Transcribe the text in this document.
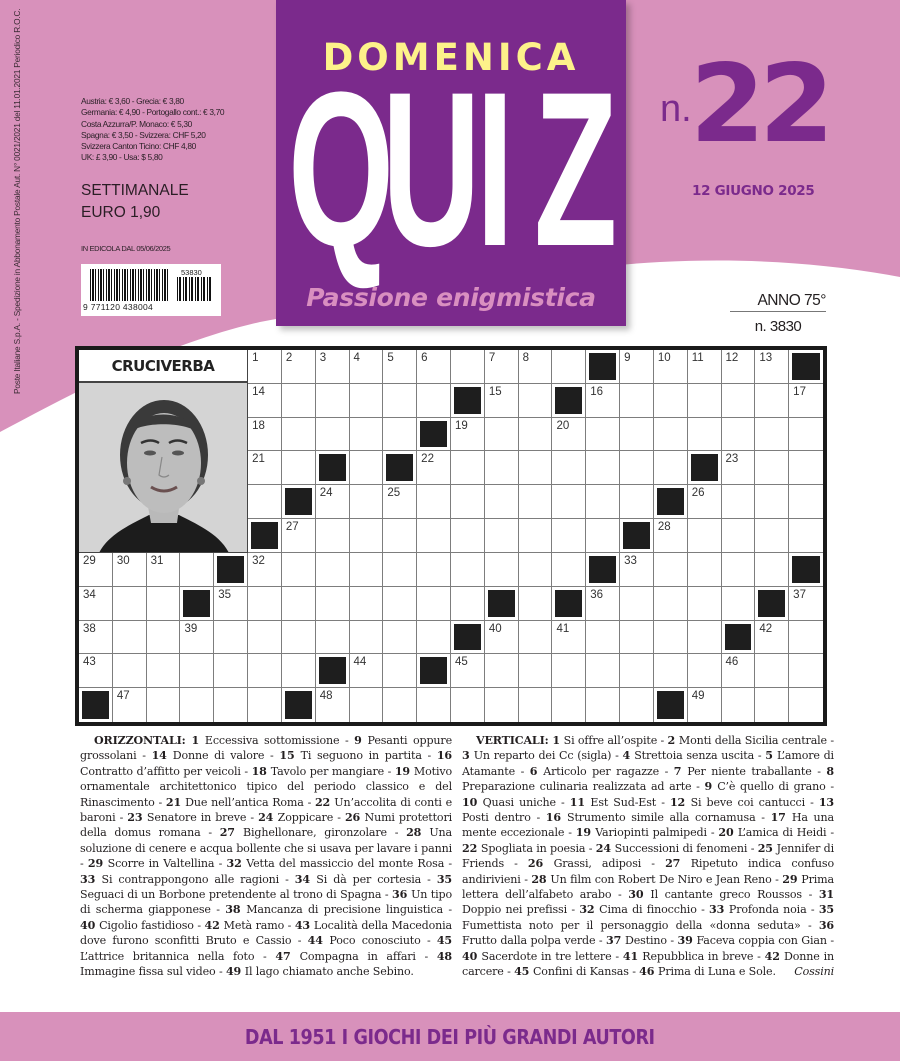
Poste Italiane S.p.A. - Spedizione in Abbonamento Postale Aut. N° 0021/2021 del 11.01.2021 Periodico R.O.C.	Austria: € 3,60 - Grecia: € 3,80
Germania: € 4,90 - Portogallo cont.: € 3,70
Costa Azzurra/P. Monaco: € 5,30
Spagna: € 3,50 - Svizzera: CHF 5,20
Svizzera Canton Ticino: CHF 4,80
UK: £ 3,90 - Usa: $ 5,80
SETTIMANALE
EURO 1,90
IN EDICOLA DAL 05/06/2025
9 771120 438004
53830
DOMENICA
Q
U
I Z
Passione enigmistica
n.
22
12 GIUGNO 2025
ANNO 75°
n. 3830
CRUCIVERBA	1 2 3 4 5 6	7 8	9 10 11 12 13
14	15	16	17
18	19	20
21	22	23
24	25	26
27	28
29 30 31	32	33
34	35	36	37
38	39	40	41	42
43	44	45	46
47	48	49
ORIZZONTALI: 1 Eccessiva sottomissione - 9 Pesanti oppure grossolani - 14 Donne di valore - 15 Ti seguono in partita - 16 Contratto d’affitto per veicoli - 18 Tavolo per mangiare - 19 Motivo ornamentale architettonico tipico del periodo classico e del Rinascimento - 21 Due nell’antica Roma - 22 Un’accolita di conti e baroni - 23 Senatore in breve - 24 Zoppicare - 26 Numi protettori della domus romana - 27 Bighellonare, gironzolare - 28 Una soluzione di cenere e acqua bollente che si usava per lavare i panni - 29 Scorre in Valtellina - 32 Vetta del massiccio del monte Rosa - 33 Si contrappongono alle ragioni - 34 Si dà per cortesia - 35 Seguaci di un Borbone pretendente al trono di Spagna - 36 Un tipo di scherma giapponese - 38 Mancanza di precisione linguistica - 40 Cigolio fastidioso - 42 Metà ramo - 43 Località della Macedonia dove furono sconfitti Bruto e Cassio - 44 Poco conosciuto - 45 L’attrice britannica nella foto - 47 Compagna in affari - 48 Immagine fissa sul video - 49 Il lago chiamato anche Sebino.
VERTICALI: 1 Si offre all’ospite - 2 Monti della Sicilia centrale - 3 Un reparto dei Cc (sigla) - 4 Strettoia senza uscita - 5 L’amore di Atamante - 6 Articolo per ragazze - 7 Per niente traballante - 8 Preparazione culinaria realizzata ad arte - 9 C’è quello di grano - 10 Quasi uniche - 11 Est Sud-Est - 12 Si beve coi cantucci - 13 Posti dentro - 16 Strumento simile alla cornamusa - 17 Ha una mente eccezionale - 19 Variopinti palmipedi - 20 L’amica di Heidi - 22 Spogliata in poesia - 24 Successioni di fenomeni - 25 Jennifer di Friends - 26 Grassi, adiposi - 27 Ripetuto indica confuso andirivieni - 28 Un film con Robert De Niro e Jean Reno - 29 Prima lettera dell’alfabeto arabo - 30 Il cantante greco Roussos - 31 Doppio nei prefissi - 32 Cima di finocchio - 33 Profonda noia - 35 Fumettista noto per il personaggio della «donna seduta» - 36 Frutto dalla polpa verde - 37 Destino - 39 Faceva coppia con Gian - 40 Sacerdote in tre lettere - 41 Repubblica in breve - 42 Donne in carcere - 45 Confini di Kansas - 46 Prima di Luna e Sole.	Cossini
DAL 1951 I GIOCHI DEI PIÙ GRANDI AUTORI
